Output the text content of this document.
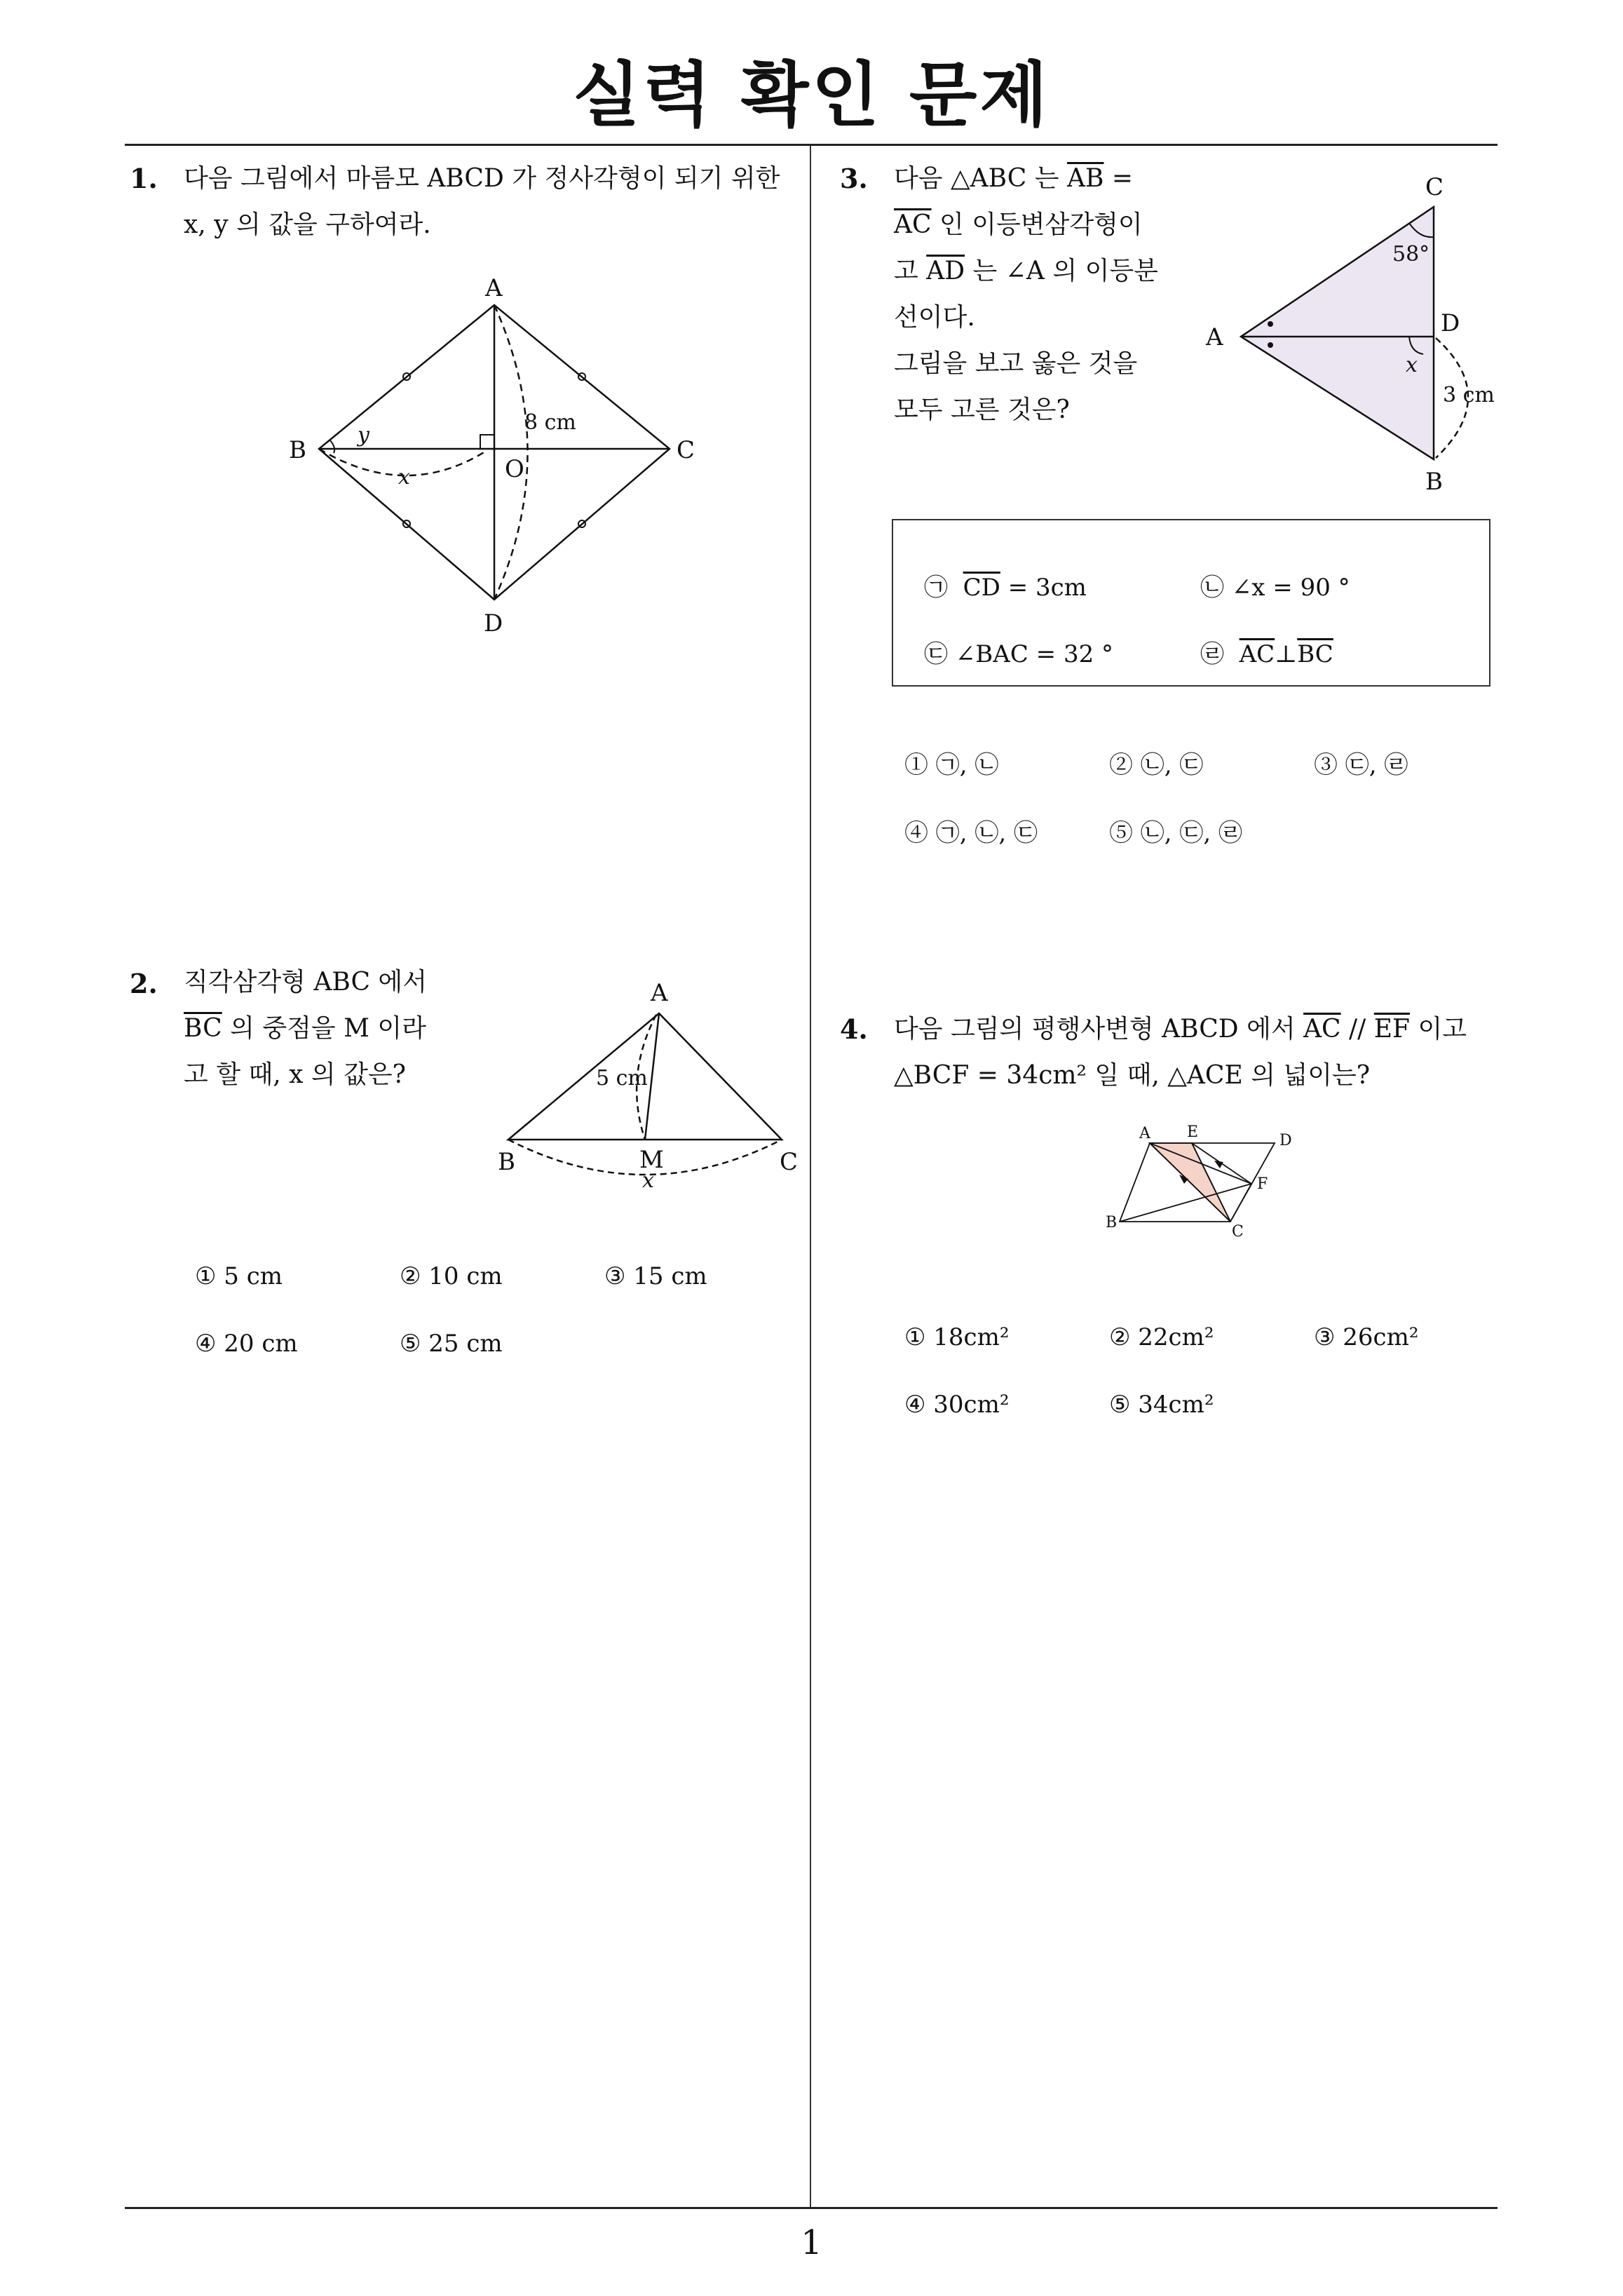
실력 확인 문제
1
1. 다음 그림에서 마름모 ABCD 가 정사각형이 되기 위한
x, y 의 값을 구하여라.
A
B	C
D
O
8 cm
y
x
2. 직각삼각형 ABC 에서
$\overline{BC}$ 의 중점을 M 이라
고 할 때, x 의 값은?
A
B	M	C
5 cm
x
① 5 cm	② 10 cm	③ 15 cm
④ 20 cm	⑤ 25 cm
3. 다음 △ABC 는 $\overline{AB}$ =
$\overline{AC}$ 인 이등변삼각형이
고 $\overline{AD}$ 는 ∠A 의 이등분
선이다.
그림을 보고 옳은 것을
모두 고른 것은?
C
A	D
B
58°
x
3 cm
㉠ $\overline{CD} = 3cm$	㉡ ∠x = 90 °
㉢ ∠BAC = 32 °	㉣ $\overline{AC}\perp\overline{BC}$
① ㉠, ㉡	② ㉡, ㉢	③ ㉢, ㉣
④ ㉠, ㉡, ㉢	⑤ ㉡, ㉢, ㉣
4. 다음 그림의 평행사변형 ABCD 에서 $\overline{AC} // \overline{EF}$ 이고
△BCF = 34cm² 일 때, △ACE 의 넓이는?
A E	D
F
B
C
① 18cm²	② 22cm²	③ 26cm²
④ 30cm²	⑤ 34cm²
